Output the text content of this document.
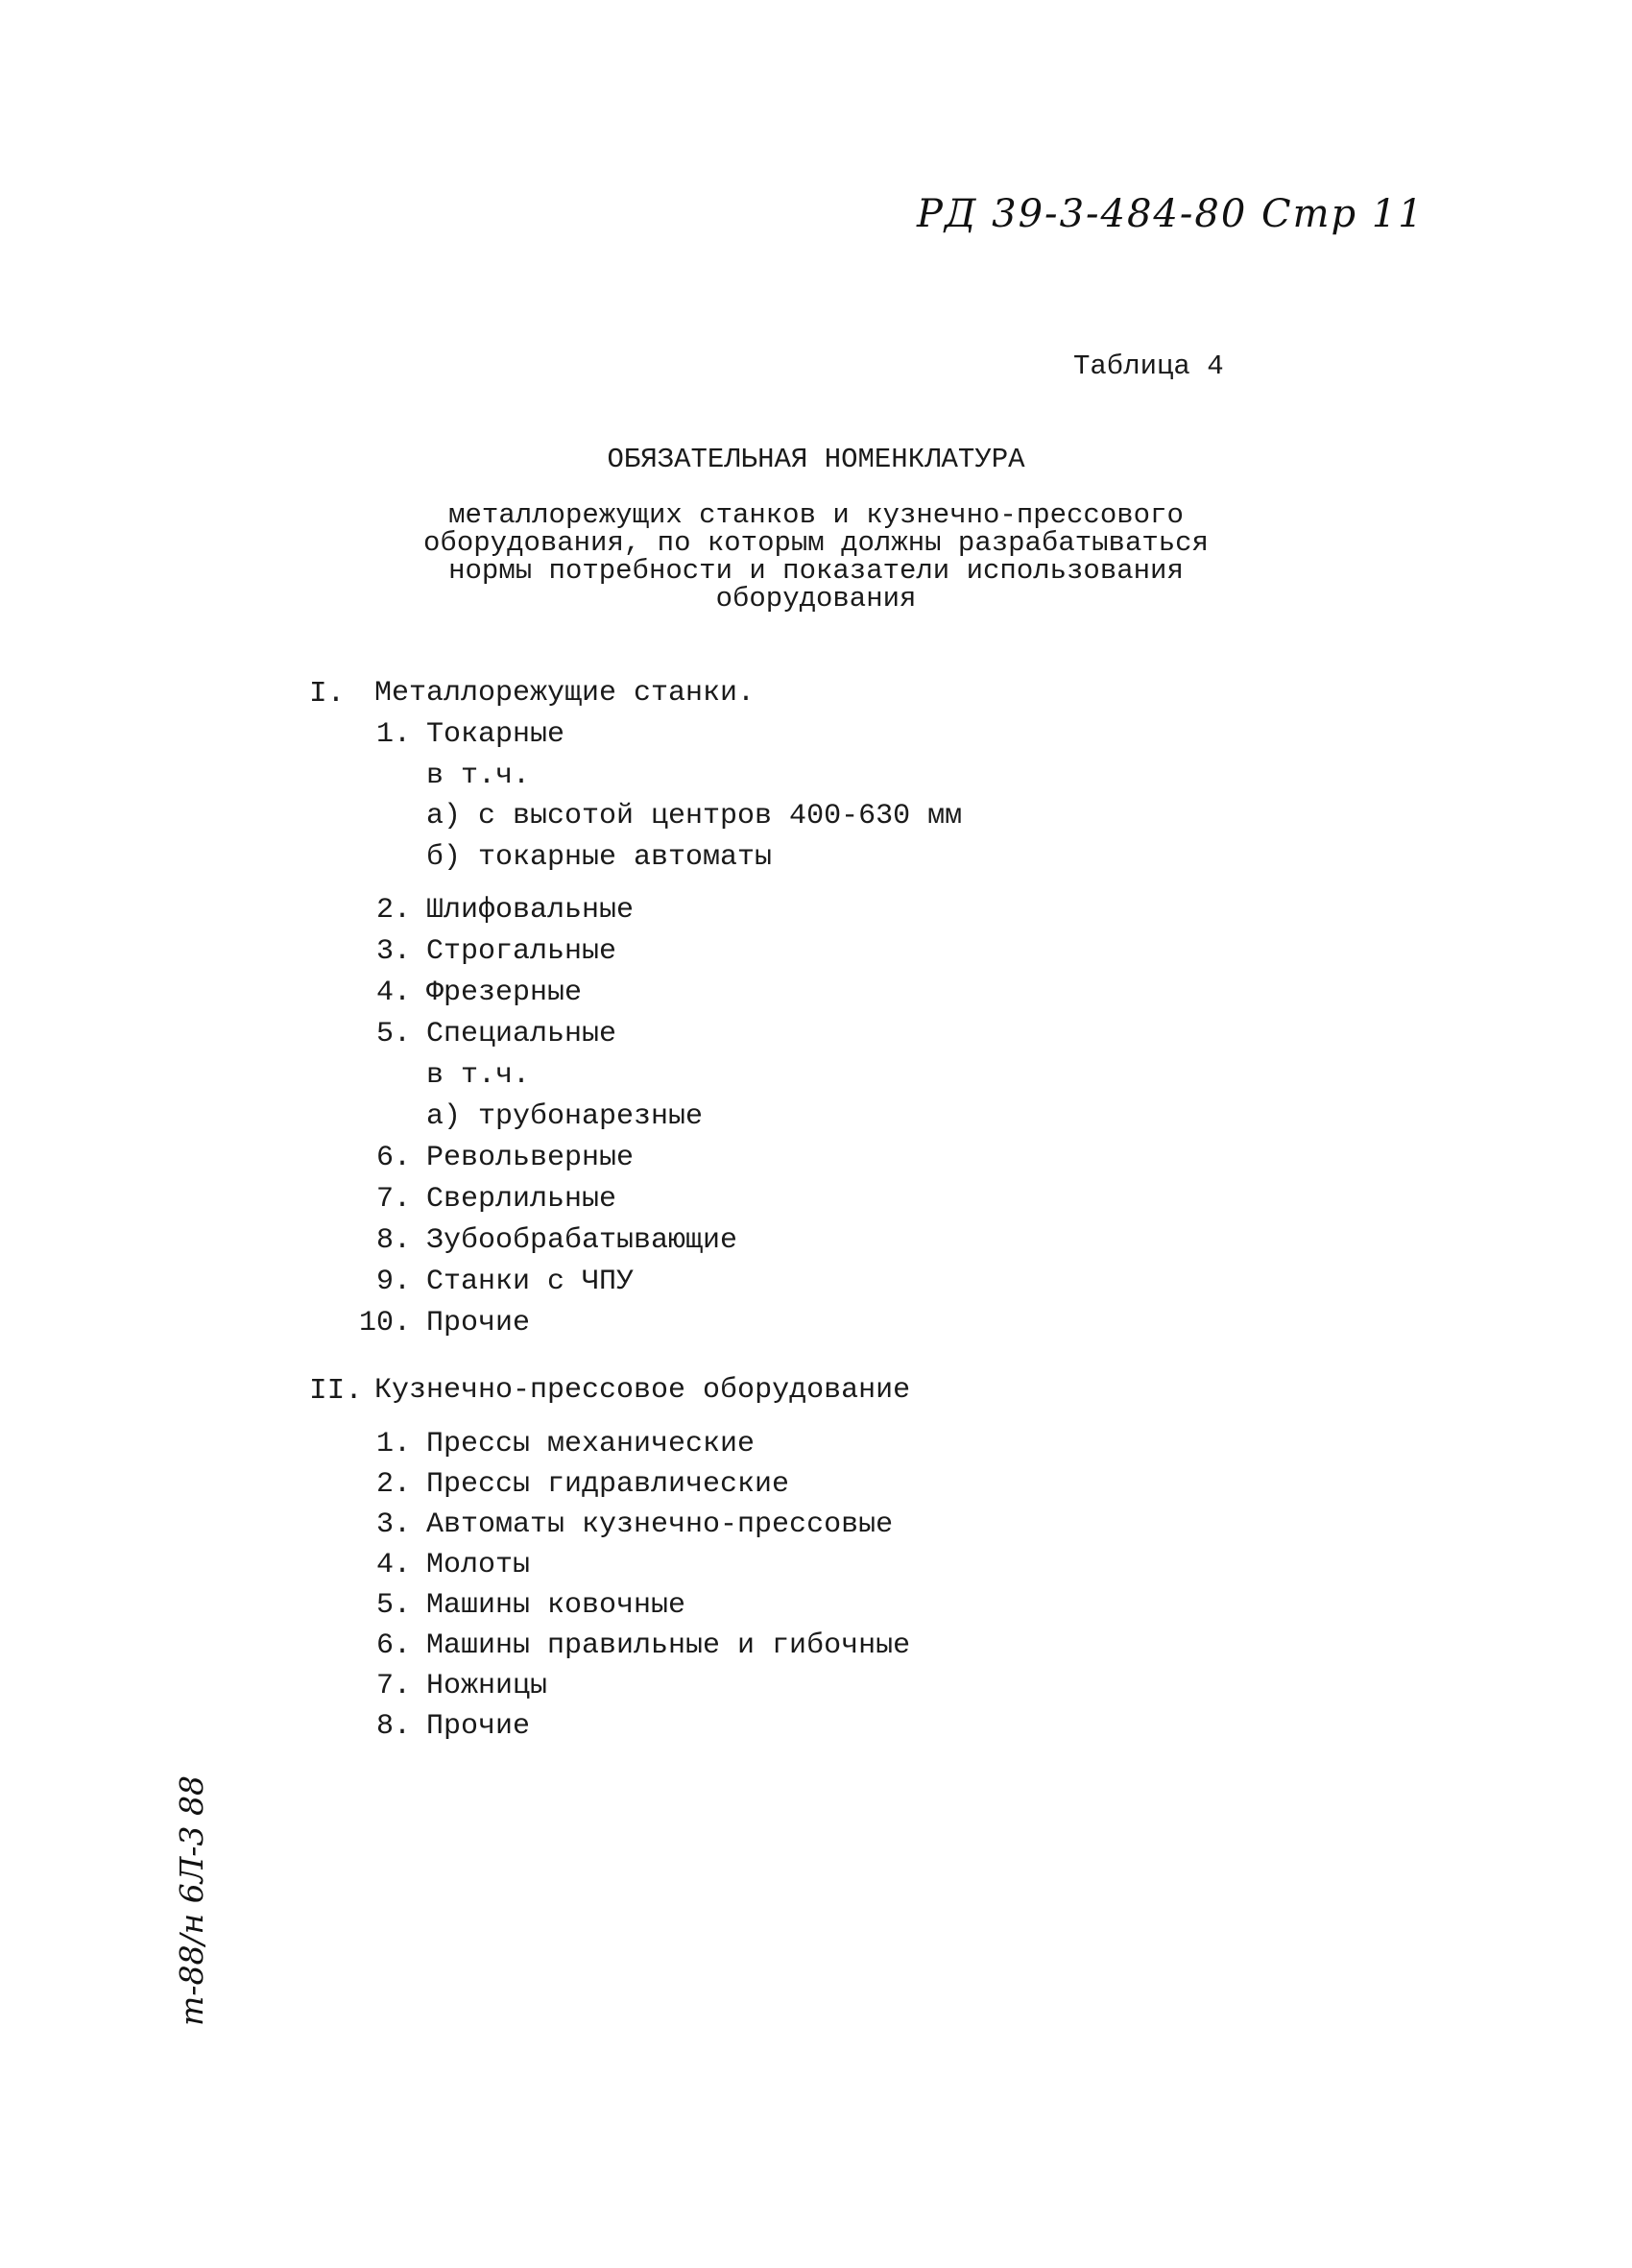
РД 39-3-484-80 Стр 11
Таблица 4
ОБЯЗАТЕЛЬНАЯ НОМЕНКЛАТУРА
металлорежущих станков и кузнечно-прессового
оборудования, по которым должны разрабатываться
нормы потребности и показатели использования
оборудования
I. Металлорежущие станки.
1. Токарные
в т.ч.
а) с высотой центров 400-630 мм
б) токарные автоматы
2. Шлифовальные
3. Строгальные
4. Фрезерные
5. Специальные
в т.ч.
а) трубонарезные
6. Револьверные
7. Сверлильные
8. Зубообрабатывающие
9. Станки с ЧПУ
10. Прочие
II. Кузнечно-прессовое оборудование
1. Прессы механические
2. Прессы гидравлические
3. Автоматы кузнечно-прессовые
4. Молоты
5. Машины ковочные
6. Машины правильные и гибочные
7. Ножницы
8. Прочие
т-88/н 6Л-3 88
